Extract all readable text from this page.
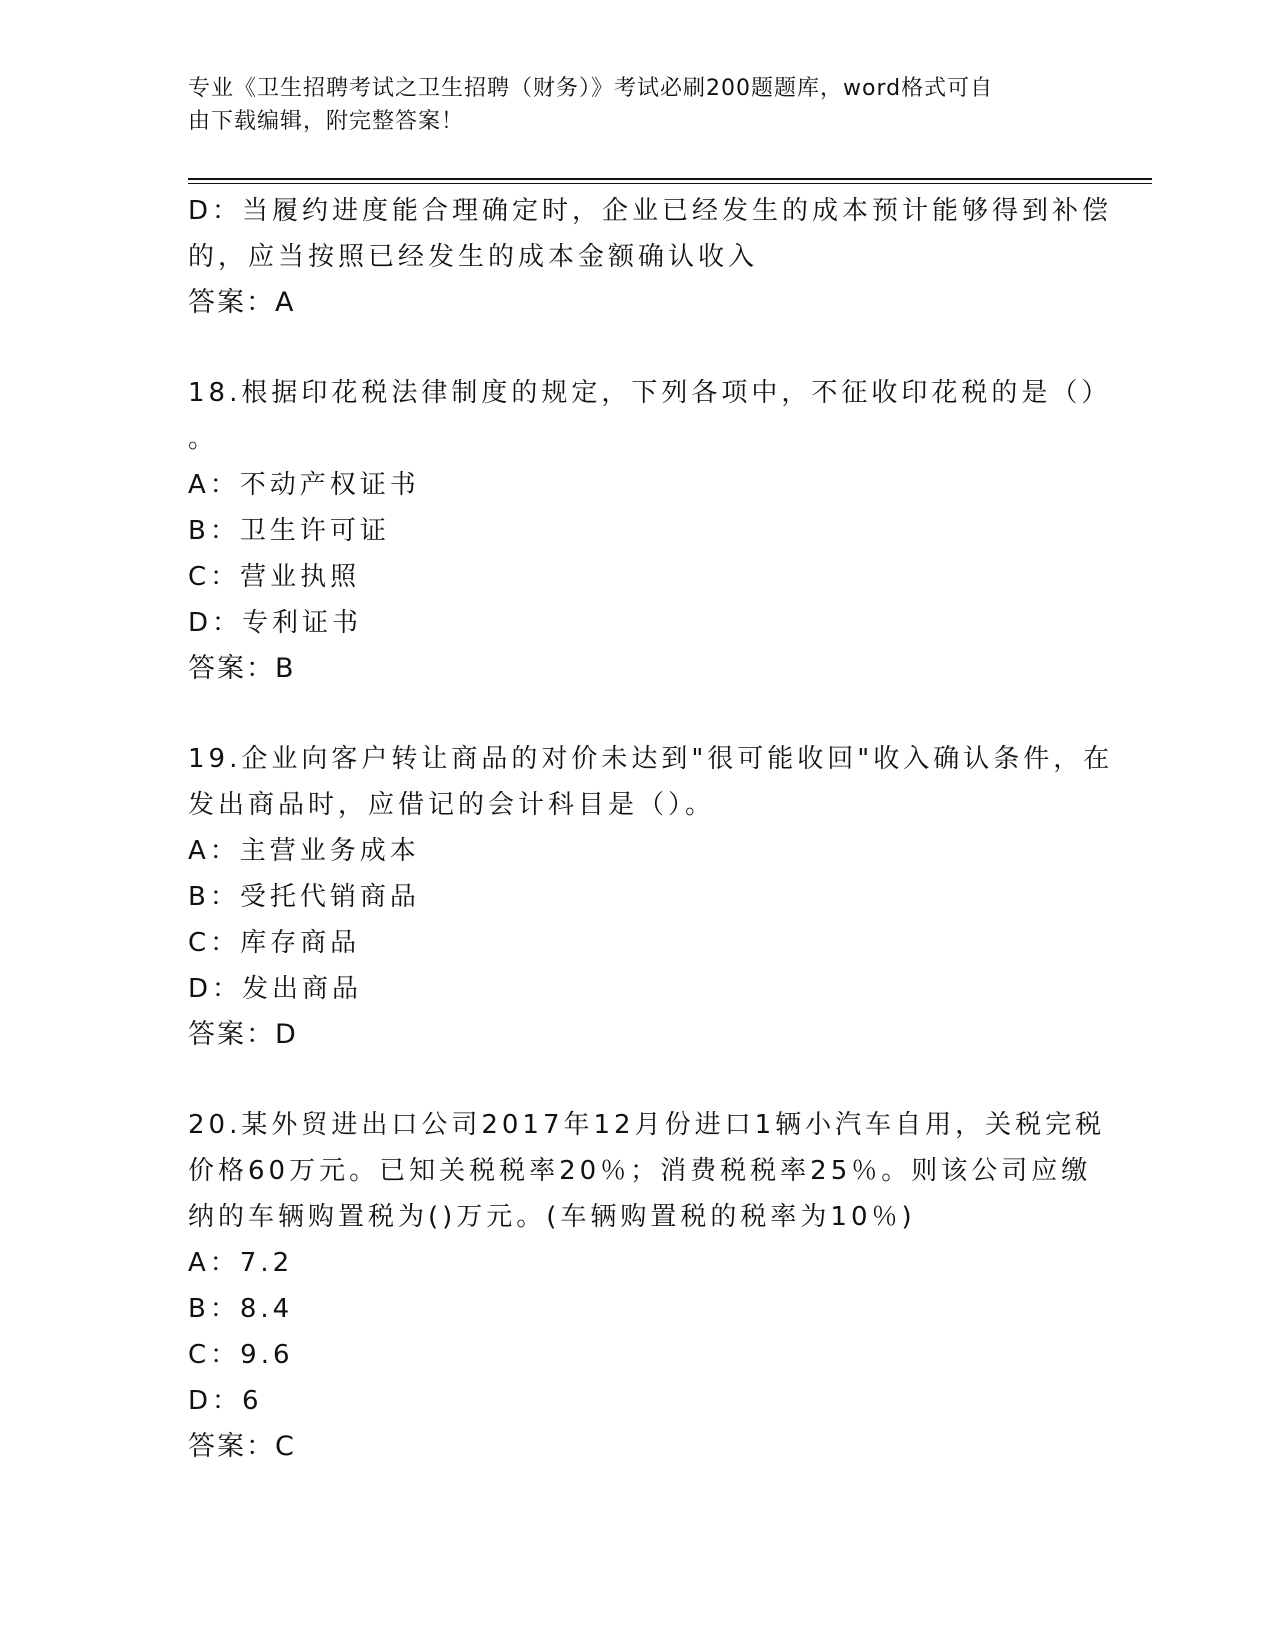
专业《卫生招聘考试之卫生招聘（财务）》考试必刷200题题库，word格式可自
由下载编辑，附完整答案！
D：当履约进度能合理确定时，企业已经发生的成本预计能够得到补偿
的，应当按照已经发生的成本金额确认收入
答案：A
18.根据印花税法律制度的规定，下列各项中，不征收印花税的是（）
。
A：不动产权证书
B：卫生许可证
C：营业执照
D：专利证书
答案：B
19.企业向客户转让商品的对价未达到"很可能收回"收入确认条件，在
发出商品时，应借记的会计科目是（）。
A：主营业务成本
B：受托代销商品
C：库存商品
D：发出商品
答案：D
20.某外贸进出口公司2017年12月份进口1辆小汽车自用，关税完税
价格60万元。已知关税税率20％；消费税税率25％。则该公司应缴
纳的车辆购置税为()万元。(车辆购置税的税率为10％)
A：7.2
B：8.4
C：9.6
D：6
答案：C
